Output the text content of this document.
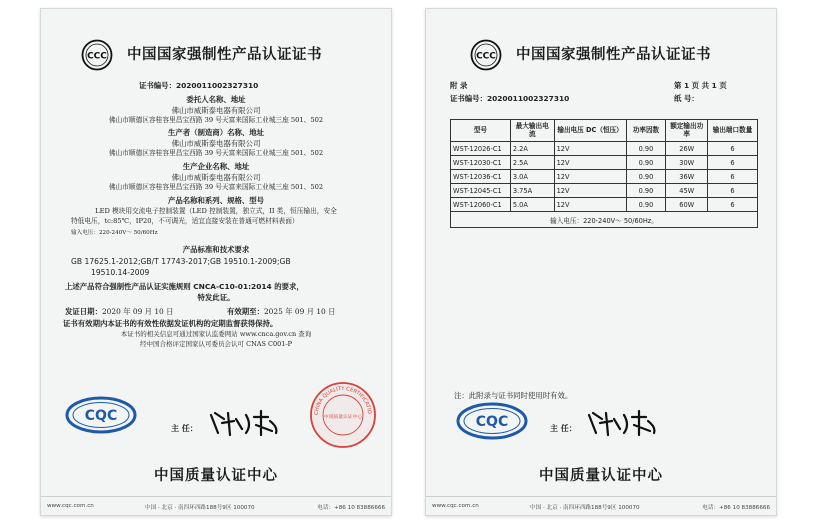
CCC 中国国家强制性产品认证证书
证书编号：2020011002327310
委托人名称、地址
佛山市威斯泰电器有限公司
佛山市顺德区容桂容里昌宝西路 39 号天富来国际工业城三座 501、502
生产者（制造商）名称、地址
佛山市威斯泰电器有限公司
佛山市顺德区容桂容里昌宝西路 39 号天富来国际工业城三座 501、502
生产企业名称、地址
佛山市威斯泰电器有限公司
佛山市顺德区容桂容里昌宝西路 39 号天富来国际工业城三座 501、502
产品名称和系列、规格、型号
LED 模块用交流电子控制装置（LED 控制装置，独立式，II 类，恒压输出，安全
特低电压，tc:85℃，IP20，不可调光，适宜直接安装在普通可燃材料表面）
输入电压：220-240V～ 50/60Hz
产品标准和技术要求
GB 17625.1-2012;GB/T 17743-2017;GB 19510.1-2009;GB
19510.14-2009
上述产品符合强制性产品认证实施规则 CNCA-C10-01:2014 的要求，
特发此证。
发证日期：2020 年 09 月 10 日	有效期至：2025 年 09 月 10 日
证书有效期内本证书的有效性依据发证机构的定期监督获得保持。
本证书的相关信息可通过国家认监委网站 www.cnca.gov.cn 查询
经中国合格评定国家认可委员会认可 CNAS C001-P
CQC
主 任：
CHINA QUALITY CERTIFICATIO
中国质量认证中心
中国质量认证中心
www.cqc.com.cn	中国 · 北京 · 南四环西路188号9区 100070	电话：+86 10 83886666
CCC 中国国家强制性产品认证证书
附 录	第 1 页 共 1 页
证书编号：2020011002327310	纸 号：
型号	最大输出电流	输出电压 DC（恒压）	功率因数	额定输出功率	输出端口数量
WST-12026-C1	2.2A	12V	0.90	26W	6
WST-12030-C1	2.5A	12V	0.90	30W	6
WST-12036-C1	3.0A	12V	0.90	36W	6
WST-12045-C1	3.75A	12V	0.90	45W	6
WST-12060-C1	5.0A	12V	0.90	60W	6
输入电压：220-240V～ 50/60Hz。					
注：此附录与证书同时使用时有效。
CQC	主 任：
中国质量认证中心
www.cqc.com.cn	中国 · 北京 · 南四环西路188号9区 100070	电话：+86 10 83886666
